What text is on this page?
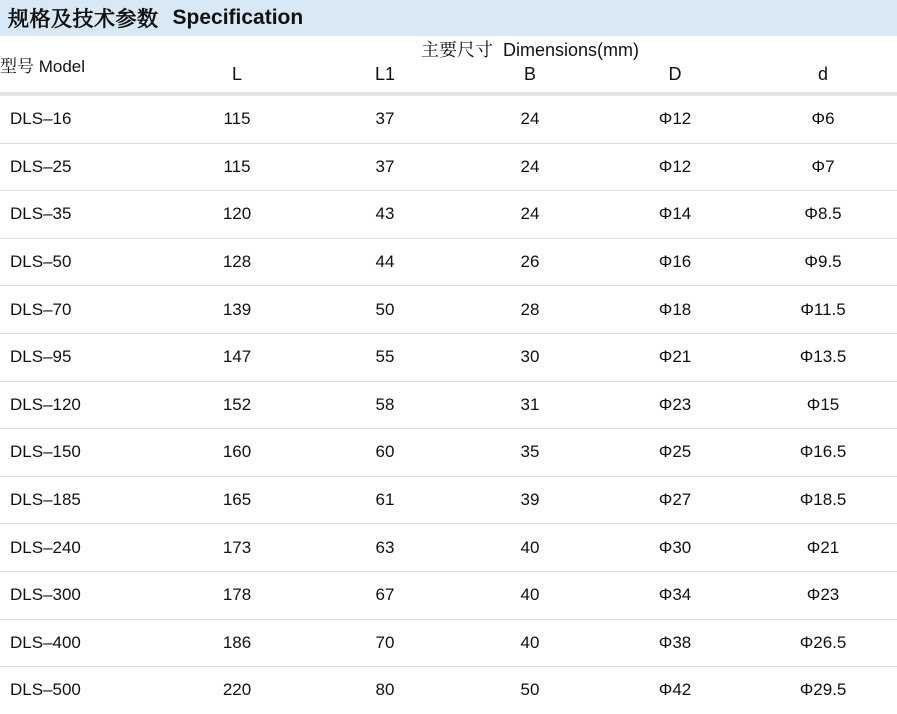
规格及技术参数 Specification
型号 Model	主要尺寸 Dimensions(mm)				
	L	L1	B	D	d

DLS–16	115	37	24	Φ12	Φ6
DLS–25	115	37	24	Φ12	Φ7
DLS–35	120	43	24	Φ14	Φ8.5
DLS–50	128	44	26	Φ16	Φ9.5
DLS–70	139	50	28	Φ18	Φ11.5
DLS–95	147	55	30	Φ21	Φ13.5
DLS–120	152	58	31	Φ23	Φ15
DLS–150	160	60	35	Φ25	Φ16.5
DLS–185	165	61	39	Φ27	Φ18.5
DLS–240	173	63	40	Φ30	Φ21
DLS–300	178	67	40	Φ34	Φ23
DLS–400	186	70	40	Φ38	Φ26.5
DLS–500	220	80	50	Φ42	Φ29.5
